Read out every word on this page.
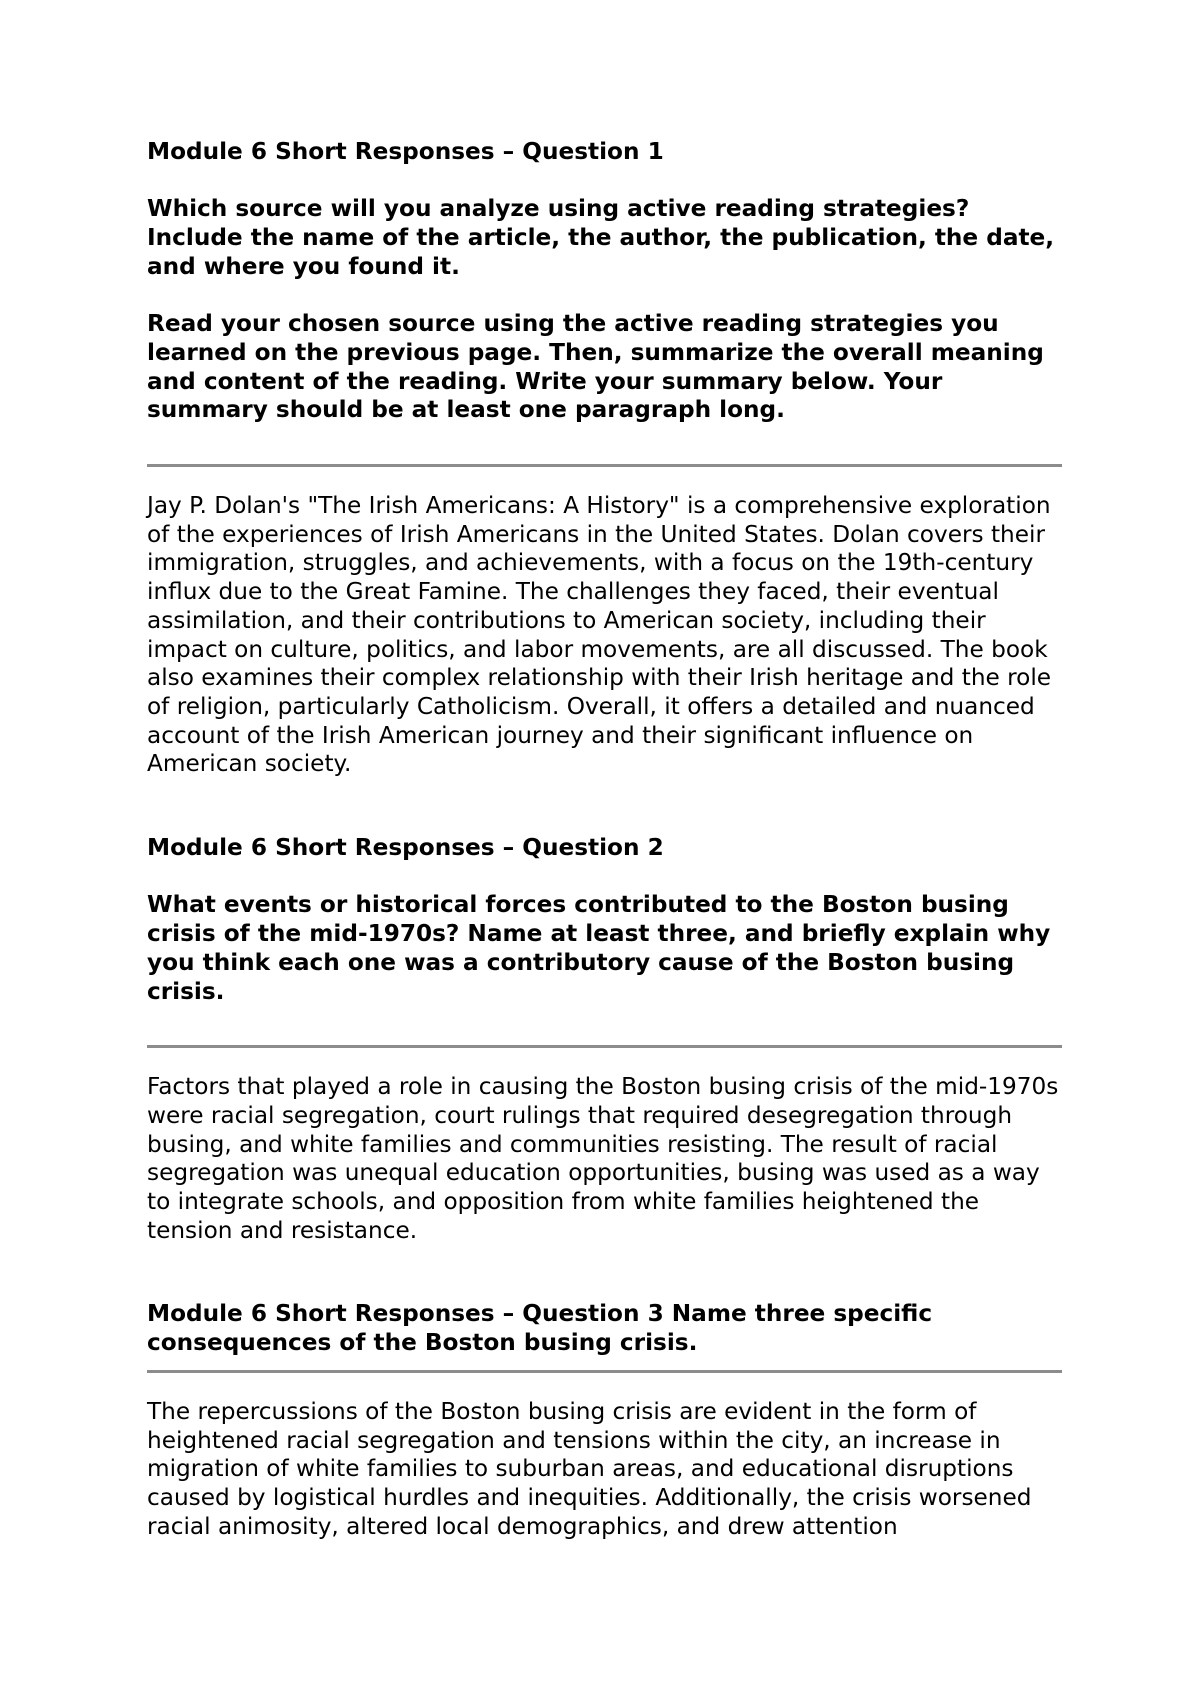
Module 6 Short Responses – Question 1

Which source will you analyze using active reading strategies? Include the name of the article, the author, the publication, the date, and where you found it.

Read your chosen source using the active reading strategies you learned on the previous page. Then, summarize the overall meaning and content of the reading. Write your summary below. Your summary should be at least one paragraph long.

Jay P. Dolan's "The Irish Americans: A History" is a comprehensive exploration of the experiences of Irish Americans in the United States. Dolan covers their immigration, struggles, and achievements, with a focus on the 19th-century influx due to the Great Famine. The challenges they faced, their eventual assimilation, and their contributions to American society, including their impact on culture, politics, and labor movements, are all discussed. The book also examines their complex relationship with their Irish heritage and the role of religion, particularly Catholicism. Overall, it offers a detailed and nuanced account of the Irish American journey and their significant influence on American society.

Module 6 Short Responses – Question 2

What events or historical forces contributed to the Boston busing crisis of the mid-1970s? Name at least three, and briefly explain why you think each one was a contributory cause of the Boston busing crisis.

Factors that played a role in causing the Boston busing crisis of the mid-1970s were racial segregation, court rulings that required desegregation through busing, and white families and communities resisting. The result of racial segregation was unequal education opportunities, busing was used as a way to integrate schools, and opposition from white families heightened the tension and resistance.

Module 6 Short Responses – Question 3 Name three specific consequences of the Boston busing crisis.

The repercussions of the Boston busing crisis are evident in the form of heightened racial segregation and tensions within the city, an increase in migration of white families to suburban areas, and educational disruptions caused by logistical hurdles and inequities. Additionally, the crisis worsened racial animosity, altered local demographics, and drew attention
